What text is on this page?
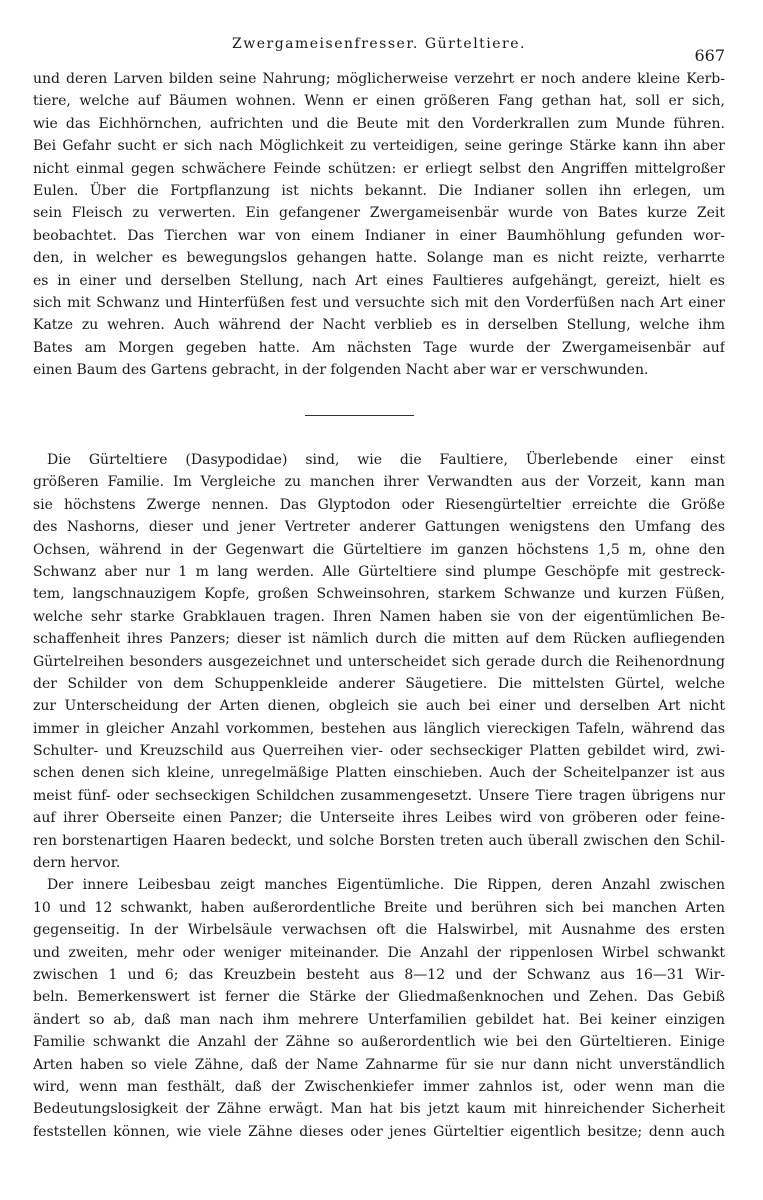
Zwergameisenfresser. Gürteltiere.
667
und deren Larven bilden seine Nahrung; möglicherweise verzehrt er noch andere kleine Kerb-
tiere, welche auf Bäumen wohnen. Wenn er einen größeren Fang gethan hat, soll er sich,
wie das Eichhörnchen, aufrichten und die Beute mit den Vorderkrallen zum Munde führen.
Bei Gefahr sucht er sich nach Möglichkeit zu verteidigen, seine geringe Stärke kann ihn aber
nicht einmal gegen schwächere Feinde schützen: er erliegt selbst den Angriffen mittelgroßer
Eulen. Über die Fortpflanzung ist nichts bekannt. Die Indianer sollen ihn erlegen, um
sein Fleisch zu verwerten. Ein gefangener Zwergameisenbär wurde von Bates kurze Zeit
beobachtet. Das Tierchen war von einem Indianer in einer Baumhöhlung gefunden wor-
den, in welcher es bewegungslos gehangen hatte. Solange man es nicht reizte, verharrte
es in einer und derselben Stellung, nach Art eines Faultieres aufgehängt, gereizt, hielt es
sich mit Schwanz und Hinterfüßen fest und versuchte sich mit den Vorderfüßen nach Art einer
Katze zu wehren. Auch während der Nacht verblieb es in derselben Stellung, welche ihm
Bates am Morgen gegeben hatte. Am nächsten Tage wurde der Zwergameisenbär auf
einen Baum des Gartens gebracht, in der folgenden Nacht aber war er verschwunden.
Die Gürteltiere (Dasypodidae) sind, wie die Faultiere, Überlebende einer einst
größeren Familie. Im Vergleiche zu manchen ihrer Verwandten aus der Vorzeit, kann man
sie höchstens Zwerge nennen. Das Glyptodon oder Riesengürteltier erreichte die Größe
des Nashorns, dieser und jener Vertreter anderer Gattungen wenigstens den Umfang des
Ochsen, während in der Gegenwart die Gürteltiere im ganzen höchstens 1,5 m, ohne den
Schwanz aber nur 1 m lang werden. Alle Gürteltiere sind plumpe Geschöpfe mit gestreck-
tem, langschnauzigem Kopfe, großen Schweinsohren, starkem Schwanze und kurzen Füßen,
welche sehr starke Grabklauen tragen. Ihren Namen haben sie von der eigentümlichen Be-
schaffenheit ihres Panzers; dieser ist nämlich durch die mitten auf dem Rücken aufliegenden
Gürtelreihen besonders ausgezeichnet und unterscheidet sich gerade durch die Reihenordnung
der Schilder von dem Schuppenkleide anderer Säugetiere. Die mittelsten Gürtel, welche
zur Unterscheidung der Arten dienen, obgleich sie auch bei einer und derselben Art nicht
immer in gleicher Anzahl vorkommen, bestehen aus länglich viereckigen Tafeln, während das
Schulter- und Kreuzschild aus Querreihen vier- oder sechseckiger Platten gebildet wird, zwi-
schen denen sich kleine, unregelmäßige Platten einschieben. Auch der Scheitelpanzer ist aus
meist fünf- oder sechseckigen Schildchen zusammengesetzt. Unsere Tiere tragen übrigens nur
auf ihrer Oberseite einen Panzer; die Unterseite ihres Leibes wird von gröberen oder feine-
ren borstenartigen Haaren bedeckt, und solche Borsten treten auch überall zwischen den Schil-
dern hervor.
Der innere Leibesbau zeigt manches Eigentümliche. Die Rippen, deren Anzahl zwischen
10 und 12 schwankt, haben außerordentliche Breite und berühren sich bei manchen Arten
gegenseitig. In der Wirbelsäule verwachsen oft die Halswirbel, mit Ausnahme des ersten
und zweiten, mehr oder weniger miteinander. Die Anzahl der rippenlosen Wirbel schwankt
zwischen 1 und 6; das Kreuzbein besteht aus 8—12 und der Schwanz aus 16—31 Wir-
beln. Bemerkenswert ist ferner die Stärke der Gliedmaßenknochen und Zehen. Das Gebiß
ändert so ab, daß man nach ihm mehrere Unterfamilien gebildet hat. Bei keiner einzigen
Familie schwankt die Anzahl der Zähne so außerordentlich wie bei den Gürteltieren. Einige
Arten haben so viele Zähne, daß der Name Zahnarme für sie nur dann nicht unverständlich
wird, wenn man festhält, daß der Zwischenkiefer immer zahnlos ist, oder wenn man die
Bedeutungslosigkeit der Zähne erwägt. Man hat bis jetzt kaum mit hinreichender Sicherheit
feststellen können, wie viele Zähne dieses oder jenes Gürteltier eigentlich besitze; denn auch
